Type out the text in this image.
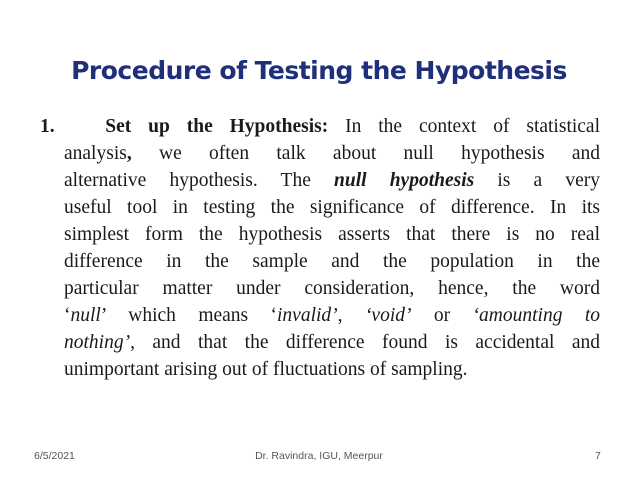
Procedure of Testing the Hypothesis
1.	Set up the Hypothesis: In the context of statistical
analysis, we often talk about null hypothesis and
alternative hypothesis. The null hypothesis is a very
useful tool in testing the significance of difference. In its
simplest form the hypothesis asserts that there is no real
difference in the sample and the population in the
particular matter under consideration, hence, the word
‘null’ which means ‘invalid’, ‘void’ or ‘amounting to
nothing’, and that the difference found is accidental and
unimportant arising out of fluctuations of sampling.
6/5/2021	Dr. Ravindra, IGU, Meerpur	7
